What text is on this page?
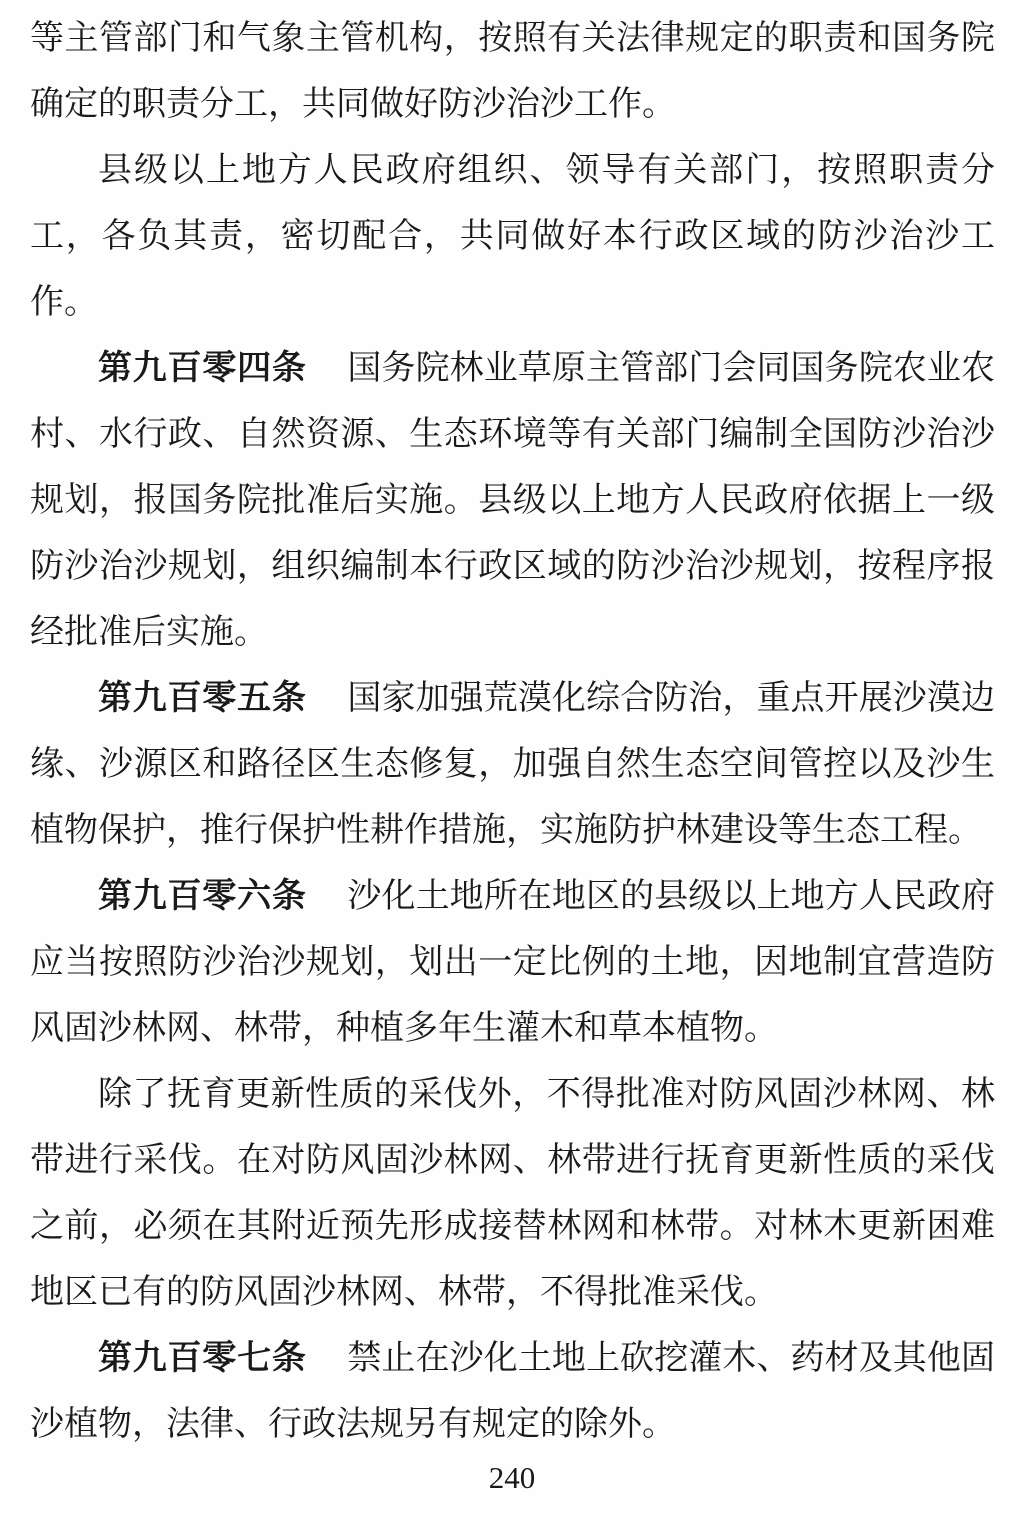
等主管部门和气象主管机构，按照有关法律规定的职责和国务院确定的职责分工，共同做好防沙治沙工作。

县级以上地方人民政府组织、领导有关部门，按照职责分工，各负其责，密切配合，共同做好本行政区域的防沙治沙工作。

第九百零四条 国务院林业草原主管部门会同国务院农业农村、水行政、自然资源、生态环境等有关部门编制全国防沙治沙规划，报国务院批准后实施。县级以上地方人民政府依据上一级防沙治沙规划，组织编制本行政区域的防沙治沙规划，按程序报经批准后实施。

第九百零五条 国家加强荒漠化综合防治，重点开展沙漠边缘、沙源区和路径区生态修复，加强自然生态空间管控以及沙生植物保护，推行保护性耕作措施，实施防护林建设等生态工程。

第九百零六条 沙化土地所在地区的县级以上地方人民政府应当按照防沙治沙规划，划出一定比例的土地，因地制宜营造防风固沙林网、林带，种植多年生灌木和草本植物。

除了抚育更新性质的采伐外，不得批准对防风固沙林网、林带进行采伐。在对防风固沙林网、林带进行抚育更新性质的采伐之前，必须在其附近预先形成接替林网和林带。对林木更新困难地区已有的防风固沙林网、林带，不得批准采伐。

第九百零七条 禁止在沙化土地上砍挖灌木、药材及其他固沙植物，法律、行政法规另有规定的除外。

240
